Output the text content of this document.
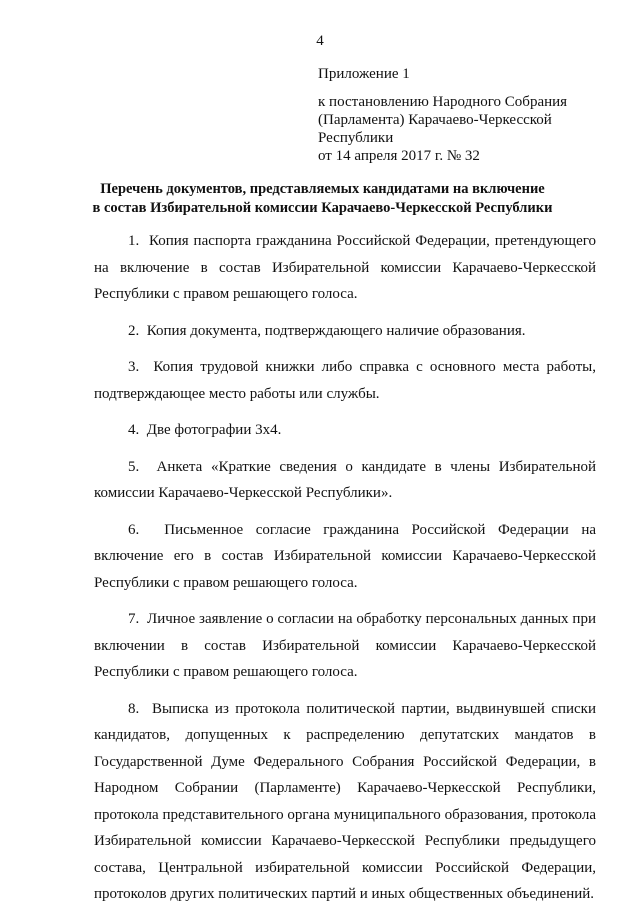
4
Приложение 1
к постановлению Народного Собрания
(Парламента) Карачаево-Черкесской
Республики
от 14 апреля 2017 г. № 32
Перечень документов, представляемых кандидатами на включение
в состав Избирательной комиссии Карачаево-Черкесской Республики

1. Копия паспорта гражданина Российской Федерации, претендующего на включение в состав Избирательной комиссии Карачаево-Черкесской Республики с правом решающего голоса.

2. Копия документа, подтверждающего наличие образования.

3. Копия трудовой книжки либо справка с основного места работы, подтверждающее место работы или службы.

4. Две фотографии 3х4.

5. Анкета «Краткие сведения о кандидате в члены Избирательной комиссии Карачаево-Черкесской Республики».

6. Письменное согласие гражданина Российской Федерации на включение его в состав Избирательной комиссии Карачаево-Черкесской Республики с правом решающего голоса.

7. Личное заявление о согласии на обработку персональных данных при включении в состав Избирательной комиссии Карачаево-Черкесской Республики с правом решающего голоса.

8. Выписка из протокола политической партии, выдвинувшей списки кандидатов, допущенных к распределению депутатских мандатов в Государственной Думе Федерального Собрания Российской Федерации, в Народном Собрании (Парламенте) Карачаево-Черкесской Республики, протокола представительного органа муниципального образования, протокола Избирательной комиссии Карачаево-Черкесской Республики предыдущего состава, Центральной избирательной комиссии Российской Федерации, протоколов других политических партий и иных общественных объединений.
